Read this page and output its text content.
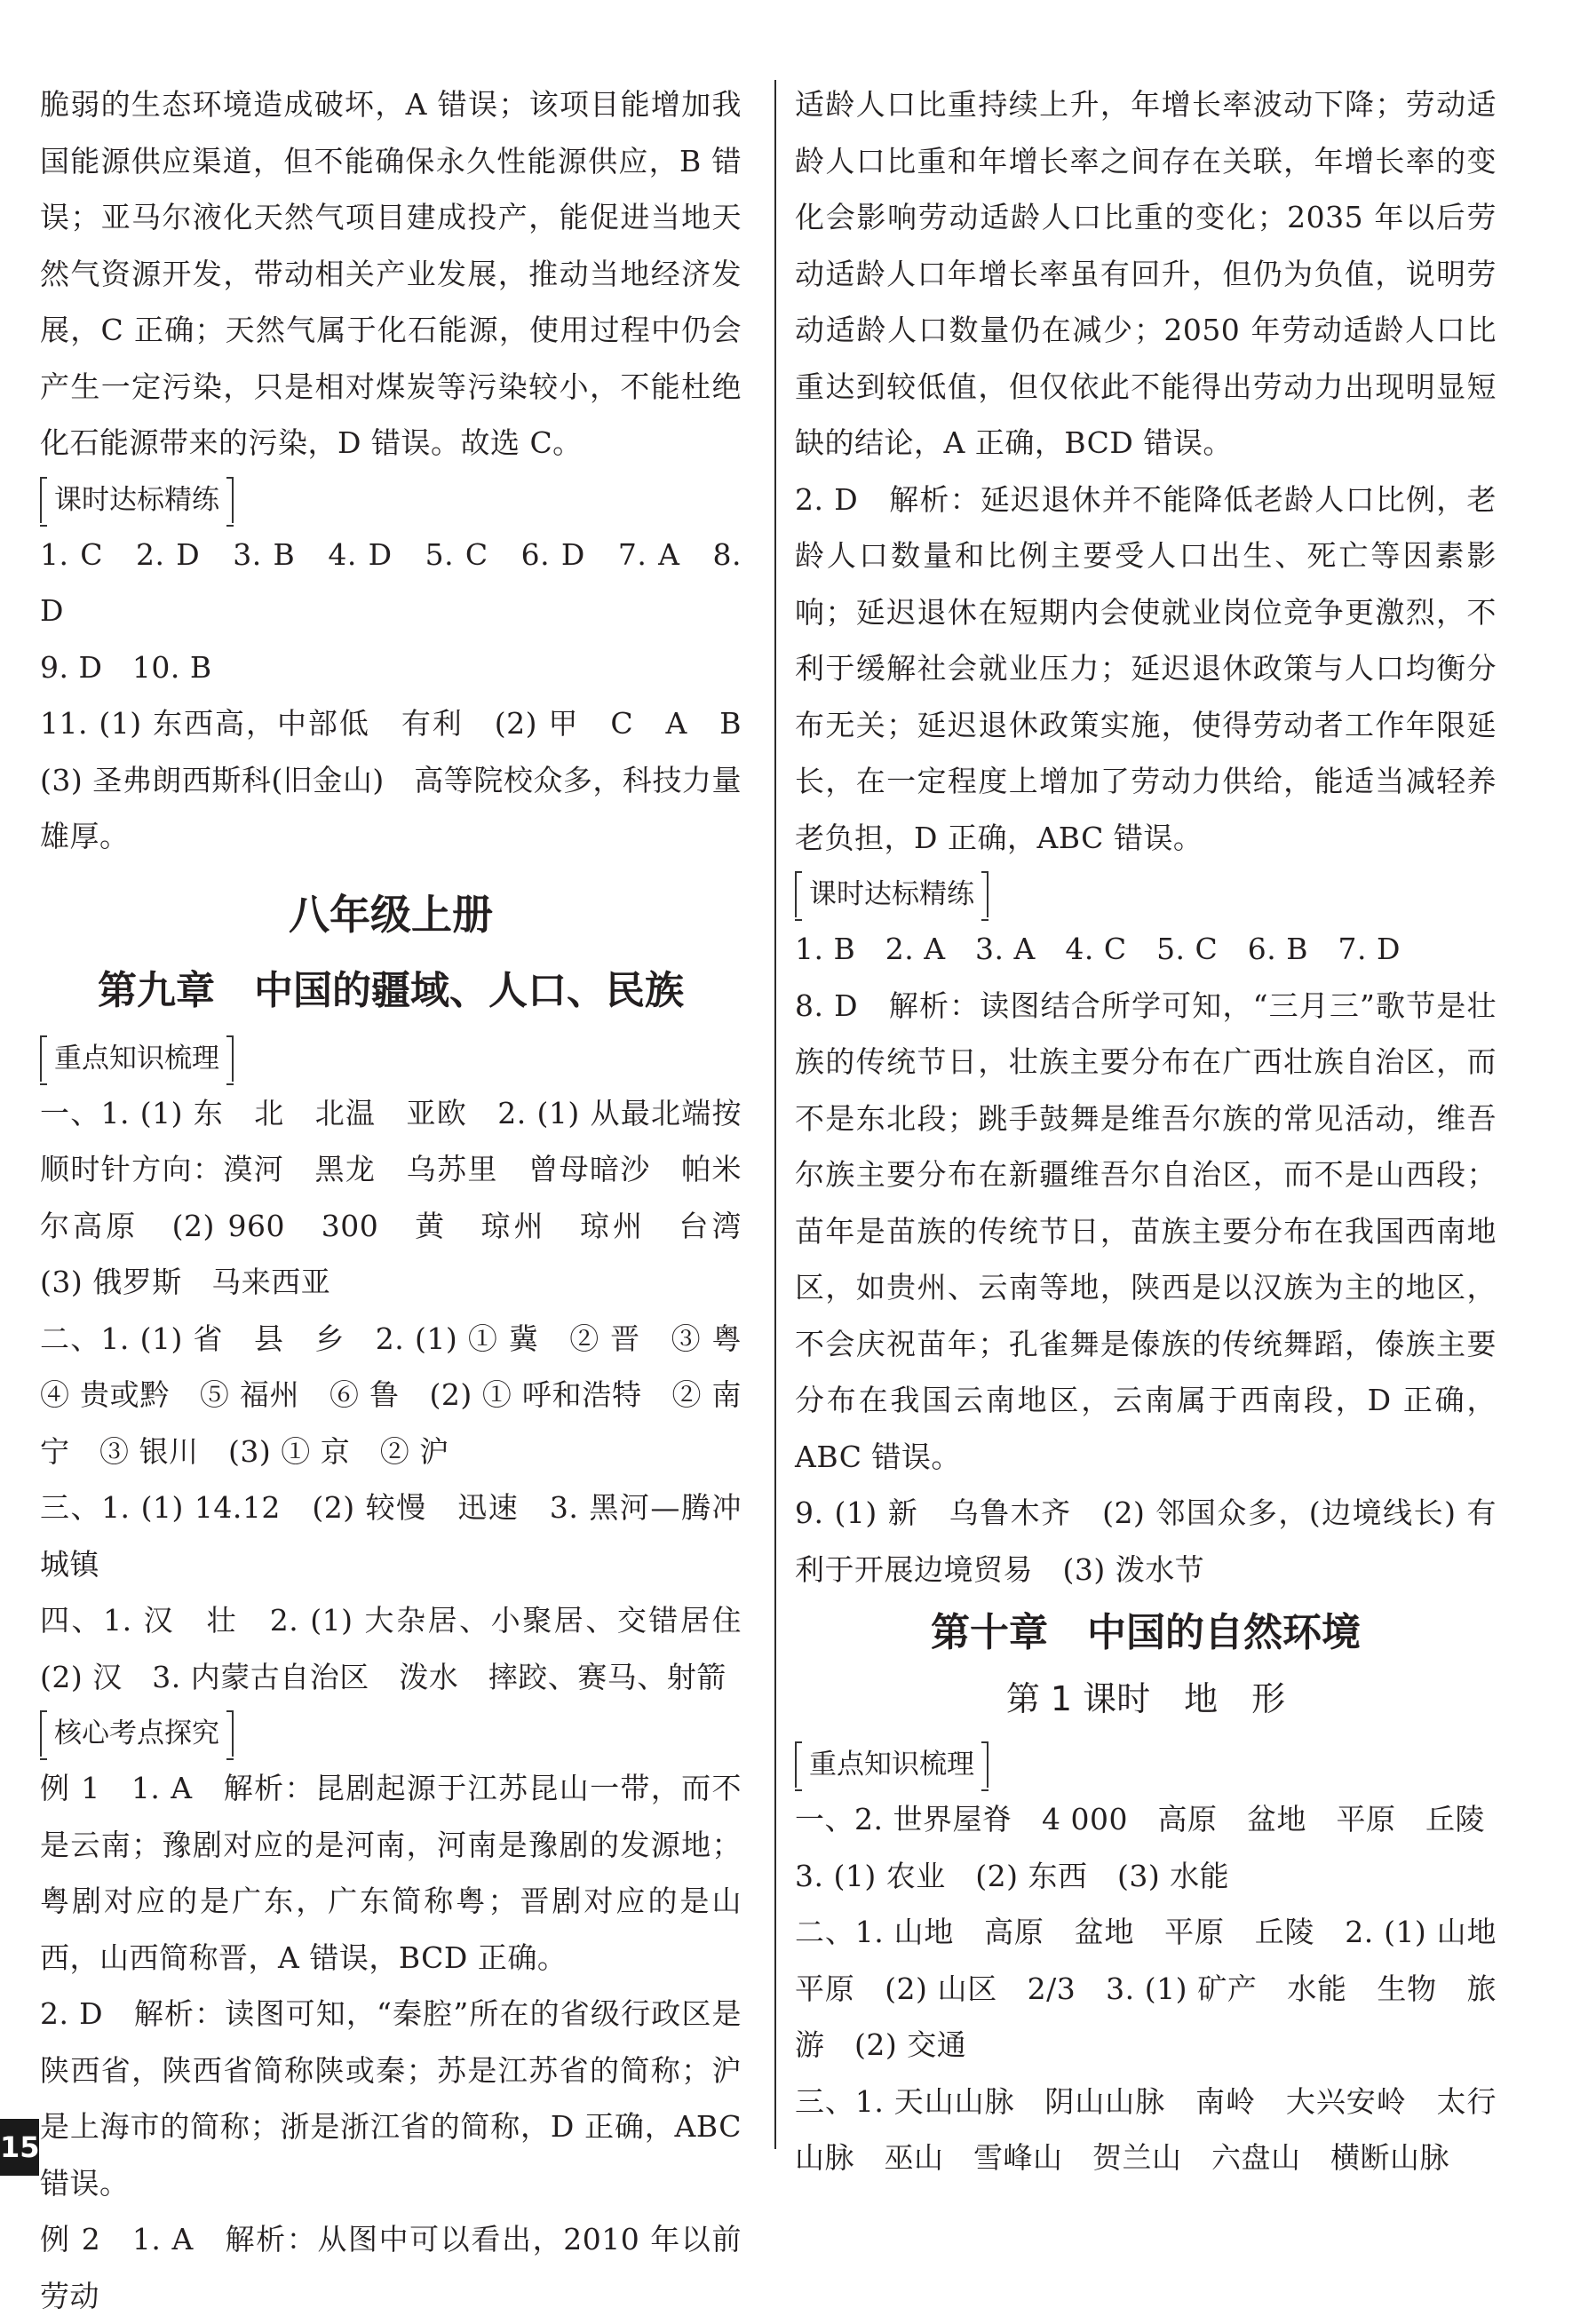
脆弱的生态环境造成破坏，A 错误；该项目能增加我国能源供应渠道，但不能确保永久性能源供应，B 错误；亚马尔液化天然气项目建成投产，能促进当地天然气资源开发，带动相关产业发展，推动当地经济发展，C 正确；天然气属于化石能源，使用过程中仍会产生一定污染，只是相对煤炭等污染较小，不能杜绝化石能源带来的污染，D 错误。故选 C。

课时达标精练

1. C　2. D　3. B　4. D　5. C　6. D　7. A　8. D

9. D　10. B

11. (1) 东西高，中部低　有利　(2) 甲　C　A　B　(3) 圣弗朗西斯科(旧金山)　高等院校众多，科技力量雄厚。

八年级上册
第九章　中国的疆域、人口、民族
重点知识梳理

一、1. (1) 东　北　北温　亚欧　2. (1) 从最北端按顺时针方向：漠河　黑龙　乌苏里　曾母暗沙　帕米尔高原　(2) 960　300　黄　琼州　琼州　台湾　(3) 俄罗斯　马来西亚

二、1. (1) 省　县　乡　2. (1) ① 冀　② 晋　③ 粤　④ 贵或黔　⑤ 福州　⑥ 鲁　(2) ① 呼和浩特　② 南宁　③ 银川　(3) ① 京　② 沪

三、1. (1) 14.12　(2) 较慢　迅速　3. 黑河—腾冲　城镇

四、1. 汉　壮　2. (1) 大杂居、小聚居、交错居住　(2) 汉　3. 内蒙古自治区　泼水　摔跤、赛马、射箭

核心考点探究

例 1　1. A　解析：昆剧起源于江苏昆山一带，而不是云南；豫剧对应的是河南，河南是豫剧的发源地；粤剧对应的是广东，广东简称粤；晋剧对应的是山西，山西简称晋，A 错误，BCD 正确。

2. D　解析：读图可知，“秦腔”所在的省级行政区是陕西省，陕西省简称陕或秦；苏是江苏省的简称；沪是上海市的简称；浙是浙江省的简称，D 正确，ABC 错误。

例 2　1. A　解析：从图中可以看出，2010 年以前劳动

适龄人口比重持续上升，年增长率波动下降；劳动适龄人口比重和年增长率之间存在关联，年增长率的变化会影响劳动适龄人口比重的变化；2035 年以后劳动适龄人口年增长率虽有回升，但仍为负值，说明劳动适龄人口数量仍在减少；2050 年劳动适龄人口比重达到较低值，但仅依此不能得出劳动力出现明显短缺的结论，A 正确，BCD 错误。

2. D　解析：延迟退休并不能降低老龄人口比例，老龄人口数量和比例主要受人口出生、死亡等因素影响；延迟退休在短期内会使就业岗位竞争更激烈，不利于缓解社会就业压力；延迟退休政策与人口均衡分布无关；延迟退休政策实施，使得劳动者工作年限延长，在一定程度上增加了劳动力供给，能适当减轻养老负担，D 正确，ABC 错误。

课时达标精练

1. B　2. A　3. A　4. C　5. C　6. B　7. D

8. D　解析：读图结合所学可知，“三月三”歌节是壮族的传统节日，壮族主要分布在广西壮族自治区，而不是东北段；跳手鼓舞是维吾尔族的常见活动，维吾尔族主要分布在新疆维吾尔自治区，而不是山西段；苗年是苗族的传统节日，苗族主要分布在我国西南地区，如贵州、云南等地，陕西是以汉族为主的地区，不会庆祝苗年；孔雀舞是傣族的传统舞蹈，傣族主要分布在我国云南地区，云南属于西南段，D 正确，ABC 错误。

9. (1) 新　乌鲁木齐　(2) 邻国众多，(边境线长) 有利于开展边境贸易　(3) 泼水节

第十章　中国的自然环境
第 1 课时　地　形
重点知识梳理

一、2. 世界屋脊　4 000　高原　盆地　平原　丘陵

3. (1) 农业　(2) 东西　(3) 水能

二、1. 山地　高原　盆地　平原　丘陵　2. (1) 山地　平原　(2) 山区　2/3　3. (1) 矿产　水能　生物　旅游　(2) 交通

三、1. 天山山脉　阴山山脉　南岭　大兴安岭　太行山脉　巫山　雪峰山　贺兰山　六盘山　横断山脉

15
